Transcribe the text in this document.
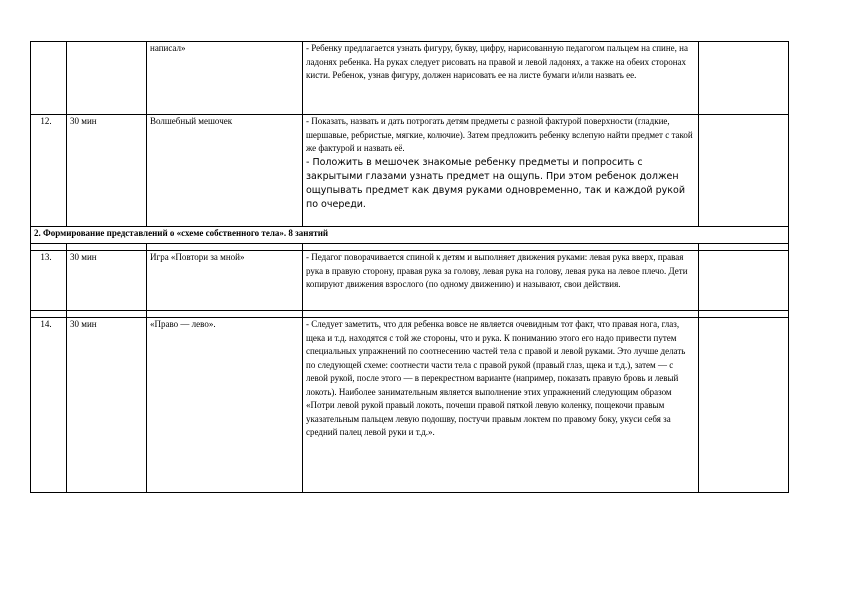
		написал»	- Ребенку предлагается узнать фигуру, букву, цифру, нарисованную педагогом пальцем на спине, на ладонях ребенка. На руках следует рисовать на правой и левой ладонях, а также на обеих сторонах кисти. Ребенок, узнав фигуру, должен нарисовать ее на листе бумаги и/или назвать ее.	

12.	30 мин	Волшебный мешочек	- Показать, назвать и дать потрогать детям предметы с разной фактурой поверхности (гладкие, шершавые, ребристые, мягкие, колючие). Затем предложить ребенку вслепую найти предмет с такой же фактурой и назвать её.
- Положить в мешочек знакомые ребенку предметы и попросить с закрытыми глазами узнать предмет на ощупь. При этом ребенок должен ощупывать предмет как двумя руками одновременно, так и каждой рукой по очереди.	

2. Формирование представлений о «схеме собственного тела». 8 занятий				

13.	30 мин	Игра «Повтори за мной»	- Педагог поворачивается спиной к детям и выполняет движения руками: левая рука вверх, правая рука в правую сторону, правая рука за голову, левая рука на голову, левая рука на левое плечо. Дети копируют движения взрослого (по одному движению) и называют, свои действия.	

14.	30 мин	«Право — лево».	- Следует заметить, что для ребенка вовсе не является очевидным тот факт, что правая нога, глаз, щека и т.д. находятся с той же стороны, что и рука. К пониманию этого его надо привести путем специальных упражнений по соотнесению частей тела с правой и левой руками. Это лучше делать по следующей схеме: соотнести части тела с правой рукой (правый глаз, щека и т.д.), затем — с левой рукой, после этого — в перекрестном варианте (например, показать правую бровь и левый локоть). Наиболее занимательным является выполнение этих упражнений следующим образом «Потри левой рукой правый локоть, почеши правой пяткой левую коленку, пощекочи правым указательным пальцем левую подошву, постучи правым локтем по правому боку, укуси себя за средний палец левой руки и т.д.».	
